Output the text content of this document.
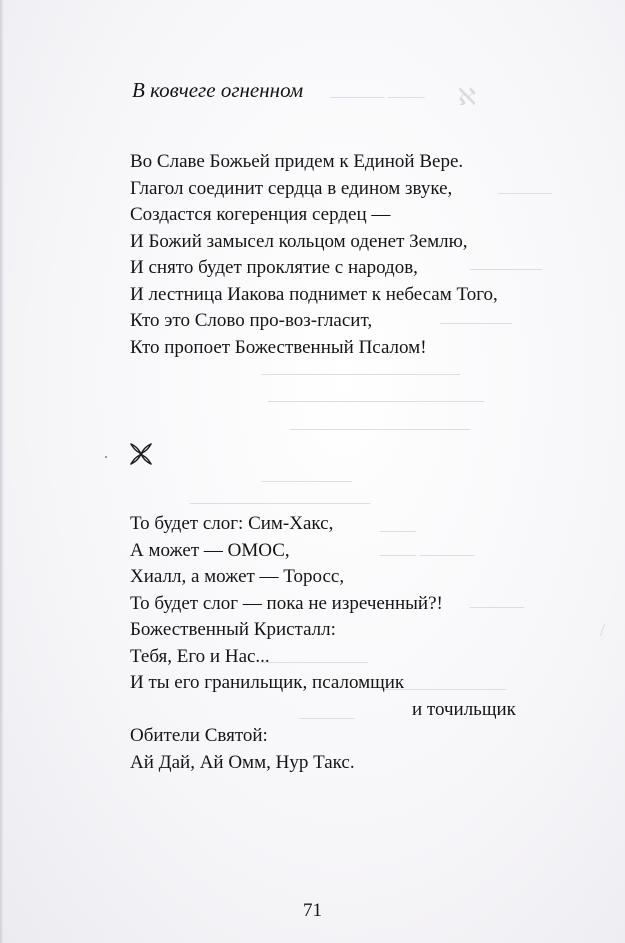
ℵ
——— ——
———
————
————
———————————
————————————
——————————
—————
——————————
——
—— ———
———
——————
———————
———
/
В ковчеге огненном
Во Славе Божьей придем к Единой Вере.
Глагол соединит сердца в едином звуке,
Создастся когеренция сердец —
И Божий замысел кольцом оденет Землю,
И снято будет проклятие с народов,
И лестница Иакова поднимет к небесам Того,
Кто это Слово про-воз-гласит,
Кто пропоет Божественный Псалом!
То будет слог: Сим-Хакс,
А может — ОМОС,
Хиалл, а может — Торосс,
То будет слог — пока не изреченный?!
Божественный Кристалл:
Тебя, Его и Нас...
И ты его гранильщик, псаломщик
и точильщик
Обители Святой:
Ай Дай, Ай Омм, Нур Такс.
71
